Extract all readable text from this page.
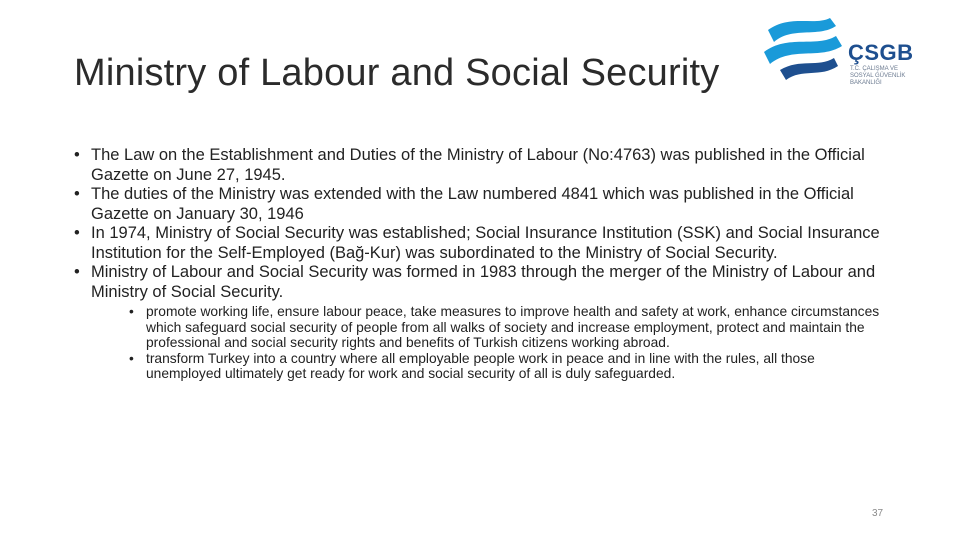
Ministry of Labour and Social Security	ÇSGB
T.C. ÇALIŞMA VE
SOSYAL GÜVENLİK
BAKANLIĞI
• The Law on the Establishment and Duties of the Ministry of Labour (No:4763) was published in the Official Gazette on June 27, 1945.
• The duties of the Ministry was extended with the Law numbered 4841 which was published in the Official Gazette on January 30, 1946
• In 1974, Ministry of Social Security was established; Social Insurance Institution (SSK) and Social Insurance Institution for the Self-Employed (Bağ-Kur) was subordinated to the Ministry of Social Security.
• Ministry of Labour and Social Security was formed in 1983 through the merger of the Ministry of Labour and Ministry of Social Security.
• promote working life, ensure labour peace, take measures to improve health and safety at work, enhance circumstances which safeguard social security of people from all walks of society and increase employment, protect and maintain the professional and social security rights and benefits of Turkish citizens working abroad.
• transform Turkey into a country where all employable people work in peace and in line with the rules, all those unemployed ultimately get ready for work and social security of all is duly safeguarded.
37
